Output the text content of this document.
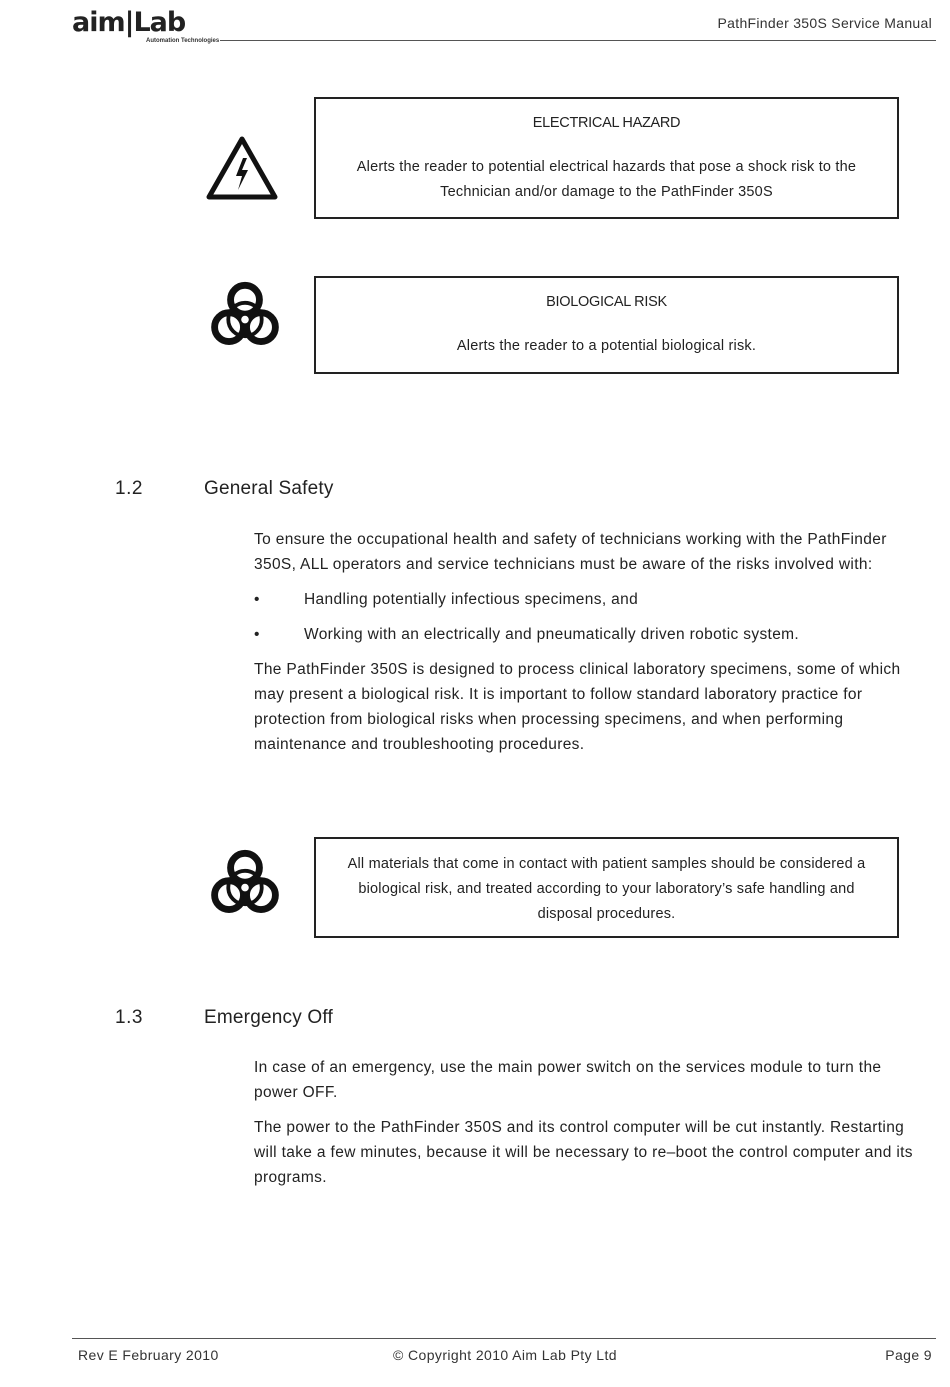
aim|Lab
Automation Technologies
PathFinder 350S Service Manual
ELECTRICAL HAZARD

Alerts the reader to potential electrical hazards that pose a shock risk to the Technician and/or damage to the PathFinder 350S

BIOLOGICAL RISK

Alerts the reader to a potential biological risk.

1.2	General Safety

To ensure the occupational health and safety of technicians working with the PathFinder 350S, ALL operators and service technicians must be aware of the risks involved with:

•	Handling potentially infectious specimens, and
•	Working with an electrically and pneumatically driven robotic system.

The PathFinder 350S is designed to process clinical laboratory specimens, some of which may present a biological risk. It is important to follow standard laboratory practice for protection from biological risks when processing specimens, and when performing maintenance and troubleshooting procedures.

All materials that come in contact with patient samples should be considered a biological risk, and treated according to your laboratory’s safe handling and disposal procedures.

1.3	Emergency Off

In case of an emergency, use the main power switch on the services module to turn the power OFF.

The power to the PathFinder 350S and its control computer will be cut instantly. Restarting will take a few minutes, because it will be necessary to re–boot the control computer and its programs.

Rev E February 2010	© Copyright 2010 Aim Lab Pty Ltd	Page 9
